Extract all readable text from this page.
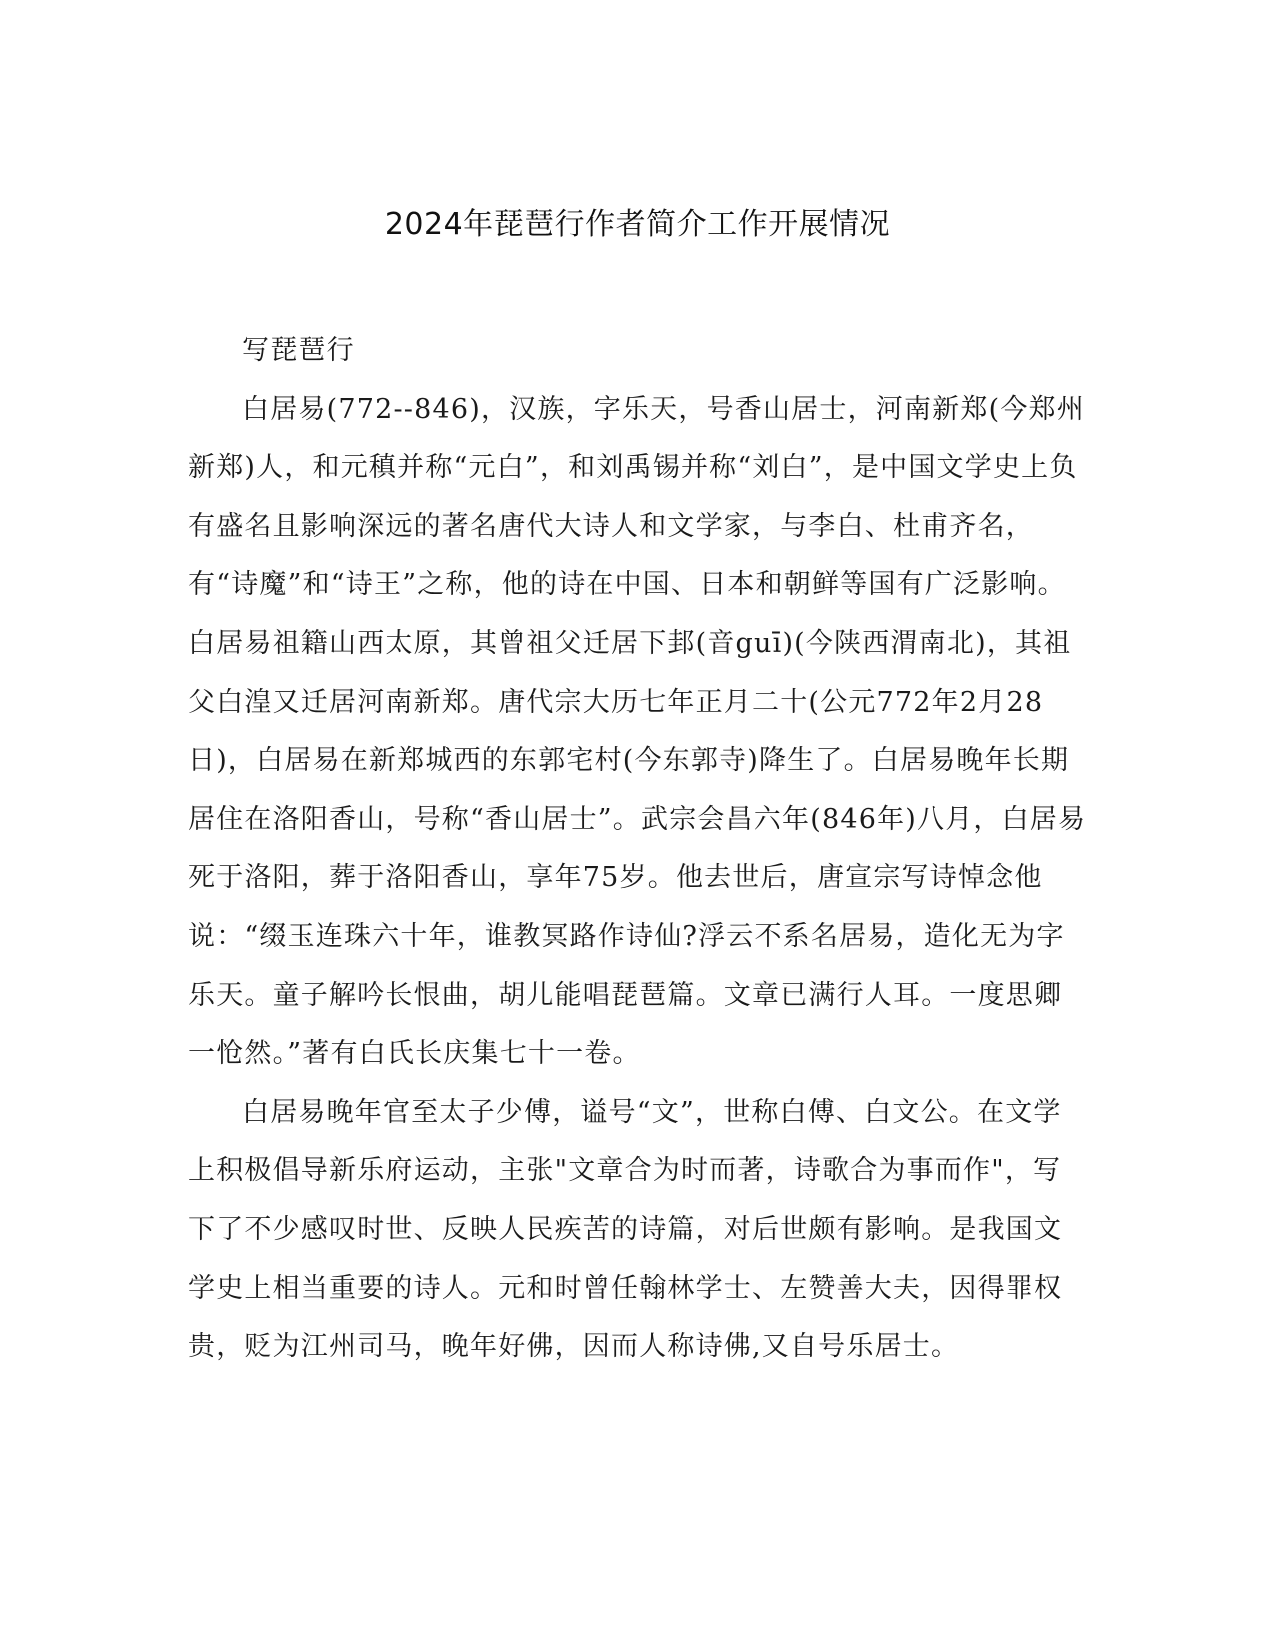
2024年琵琶行作者简介工作开展情况

写琵琶行

白居易(772--846)，汉族，字乐天，号香山居士，河南新郑(今郑州新郑)人，和元稹并称“元白”，和刘禹锡并称“刘白”，是中国文学史上负有盛名且影响深远的著名唐代大诗人和文学家，与李白、杜甫齐名，有“诗魔”和“诗王”之称，他的诗在中国、日本和朝鲜等国有广泛影响。白居易祖籍山西太原，其曾祖父迁居下邽(音guī)(今陕西渭南北)，其祖父白湟又迁居河南新郑。唐代宗大历七年正月二十(公元772年2月28日)，白居易在新郑城西的东郭宅村(今东郭寺)降生了。白居易晚年长期居住在洛阳香山，号称“香山居士”。武宗会昌六年(846年)八月，白居易死于洛阳，葬于洛阳香山，享年75岁。他去世后，唐宣宗写诗悼念他说：“缀玉连珠六十年，谁教冥路作诗仙?浮云不系名居易，造化无为字乐天。童子解吟长恨曲，胡儿能唱琵琶篇。文章已满行人耳。一度思卿一怆然。”著有白氏长庆集七十一卷。

白居易晚年官至太子少傅，谥号“文”，世称白傅、白文公。在文学上积极倡导新乐府运动，主张"文章合为时而著，诗歌合为事而作"，写下了不少感叹时世、反映人民疾苦的诗篇，对后世颇有影响。是我国文学史上相当重要的诗人。元和时曾任翰林学士、左赞善大夫，因得罪权贵，贬为江州司马，晚年好佛，因而人称诗佛,又自号乐居士。
